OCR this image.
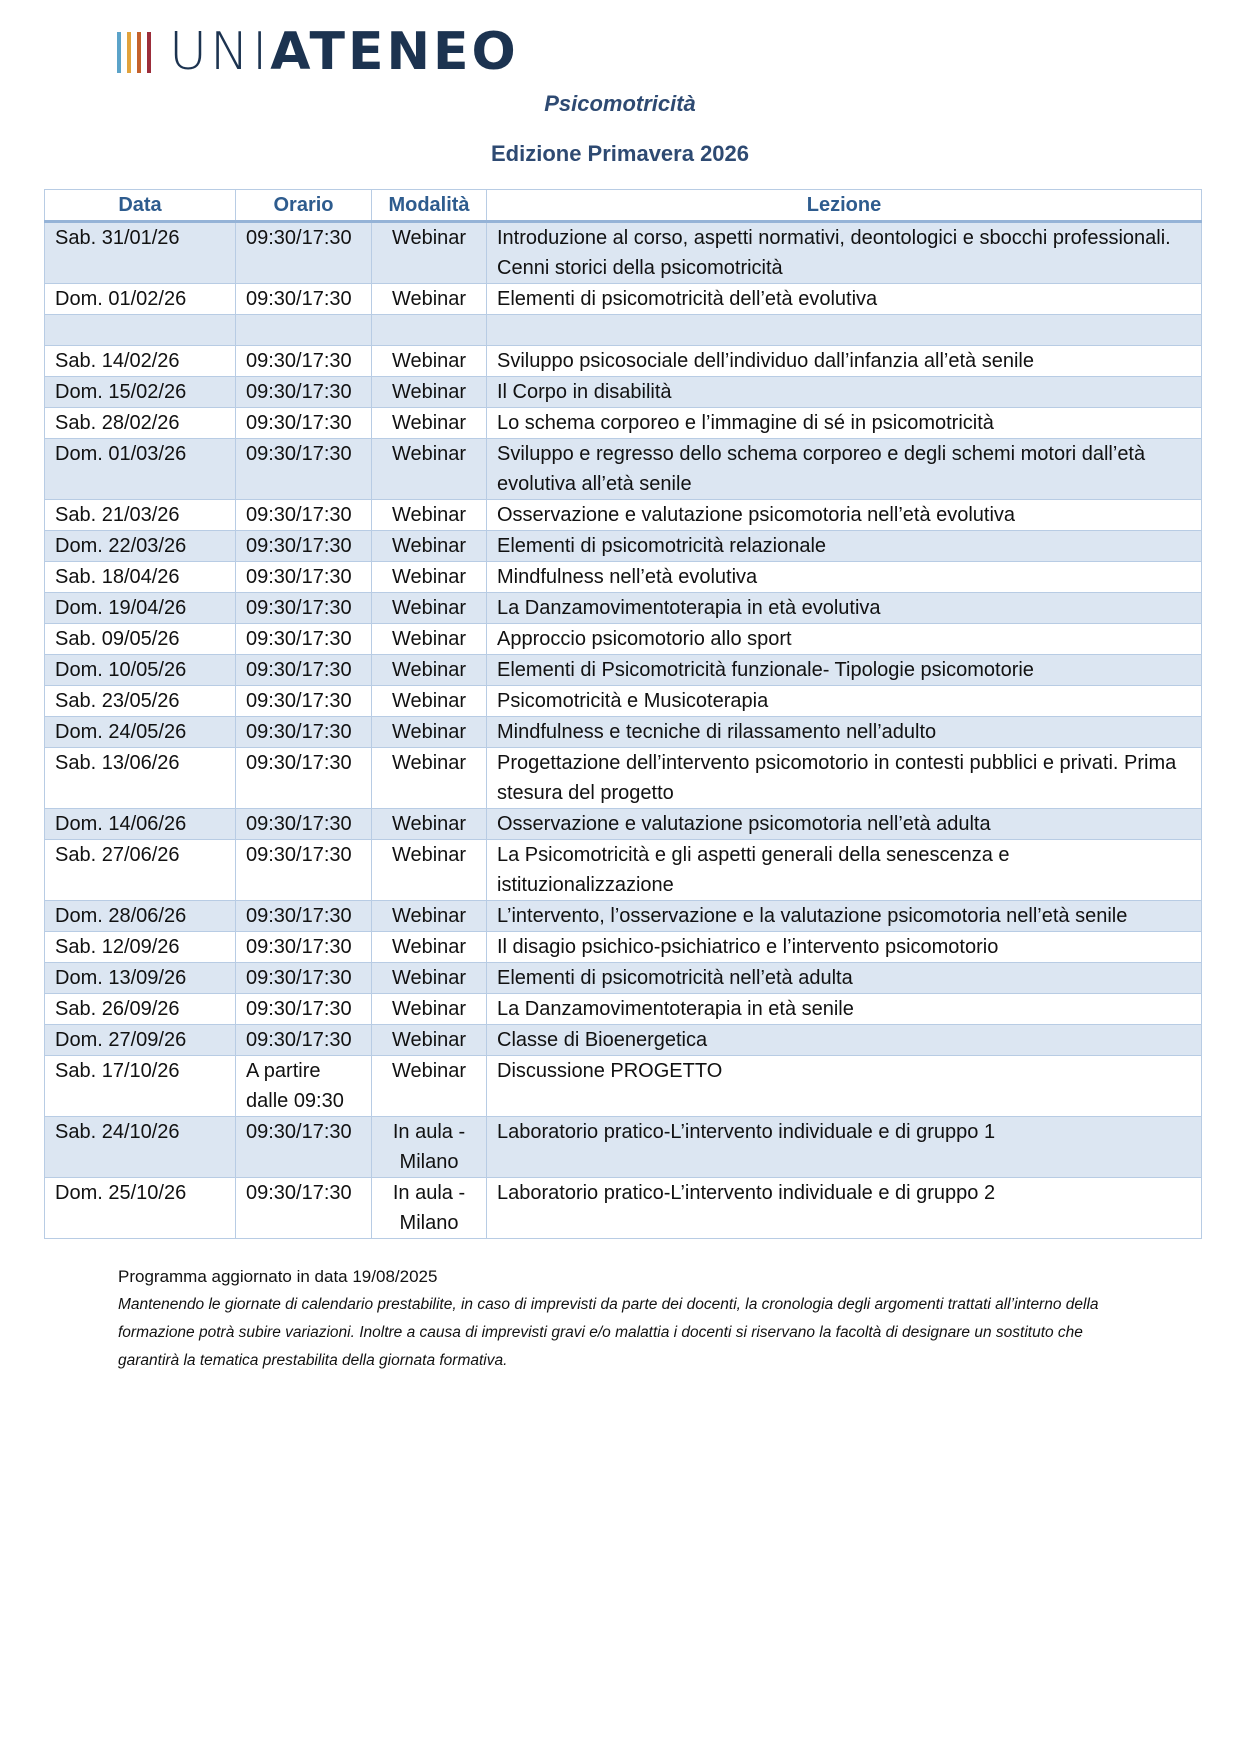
UNIATENEO
Psicomotricità
Edizione Primavera 2026
Data	Orario	Modalità	Lezione
Sab. 31/01/26	09:30/17:30	Webinar	Introduzione al corso, aspetti normativi, deontologici e sbocchi professionali. Cenni storici della psicomotricità
Dom. 01/02/26	09:30/17:30	Webinar	Elementi di psicomotricità dell’età evolutiva

Sab. 14/02/26	09:30/17:30	Webinar	Sviluppo psicosociale dell’individuo dall’infanzia all’età senile
Dom. 15/02/26	09:30/17:30	Webinar	Il Corpo in disabilità
Sab. 28/02/26	09:30/17:30	Webinar	Lo schema corporeo e l’immagine di sé in psicomotricità
Dom. 01/03/26	09:30/17:30	Webinar	Sviluppo e regresso dello schema corporeo e degli schemi motori dall’età evolutiva all’età senile
Sab. 21/03/26	09:30/17:30	Webinar	Osservazione e valutazione psicomotoria nell’età evolutiva
Dom. 22/03/26	09:30/17:30	Webinar	Elementi di psicomotricità relazionale
Sab. 18/04/26	09:30/17:30	Webinar	Mindfulness nell’età evolutiva
Dom. 19/04/26	09:30/17:30	Webinar	La Danzamovimentoterapia in età evolutiva
Sab. 09/05/26	09:30/17:30	Webinar	Approccio psicomotorio allo sport
Dom. 10/05/26	09:30/17:30	Webinar	Elementi di Psicomotricità funzionale- Tipologie psicomotorie
Sab. 23/05/26	09:30/17:30	Webinar	Psicomotricità e Musicoterapia
Dom. 24/05/26	09:30/17:30	Webinar	Mindfulness e tecniche di rilassamento nell’adulto
Sab. 13/06/26	09:30/17:30	Webinar	Progettazione dell’intervento psicomotorio in contesti pubblici e privati. Prima stesura del progetto
Dom. 14/06/26	09:30/17:30	Webinar	Osservazione e valutazione psicomotoria nell’età adulta
Sab. 27/06/26	09:30/17:30	Webinar	La Psicomotricità e gli aspetti generali della senescenza e istituzionalizzazione
Dom. 28/06/26	09:30/17:30	Webinar	L’intervento, l’osservazione e la valutazione psicomotoria nell’età senile
Sab. 12/09/26	09:30/17:30	Webinar	Il disagio psichico-psichiatrico e l’intervento psicomotorio
Dom. 13/09/26	09:30/17:30	Webinar	Elementi di psicomotricità nell’età adulta
Sab. 26/09/26	09:30/17:30	Webinar	La Danzamovimentoterapia in età senile
Dom. 27/09/26	09:30/17:30	Webinar	Classe di Bioenergetica
Sab. 17/10/26	A partire dalle 09:30	Webinar	Discussione PROGETTO
Sab. 24/10/26	09:30/17:30	In aula - Milano	Laboratorio pratico-L’intervento individuale e di gruppo 1
Dom. 25/10/26	09:30/17:30	In aula - Milano	Laboratorio pratico-L’intervento individuale e di gruppo 2
Programma aggiornato in data 19/08/2025
Mantenendo le giornate di calendario prestabilite, in caso di imprevisti da parte dei docenti, la cronologia degli argomenti trattati all’interno della formazione potrà subire variazioni. Inoltre a causa di imprevisti gravi e/o malattia i docenti si riservano la facoltà di designare un sostituto che garantirà la tematica prestabilita della giornata formativa.
